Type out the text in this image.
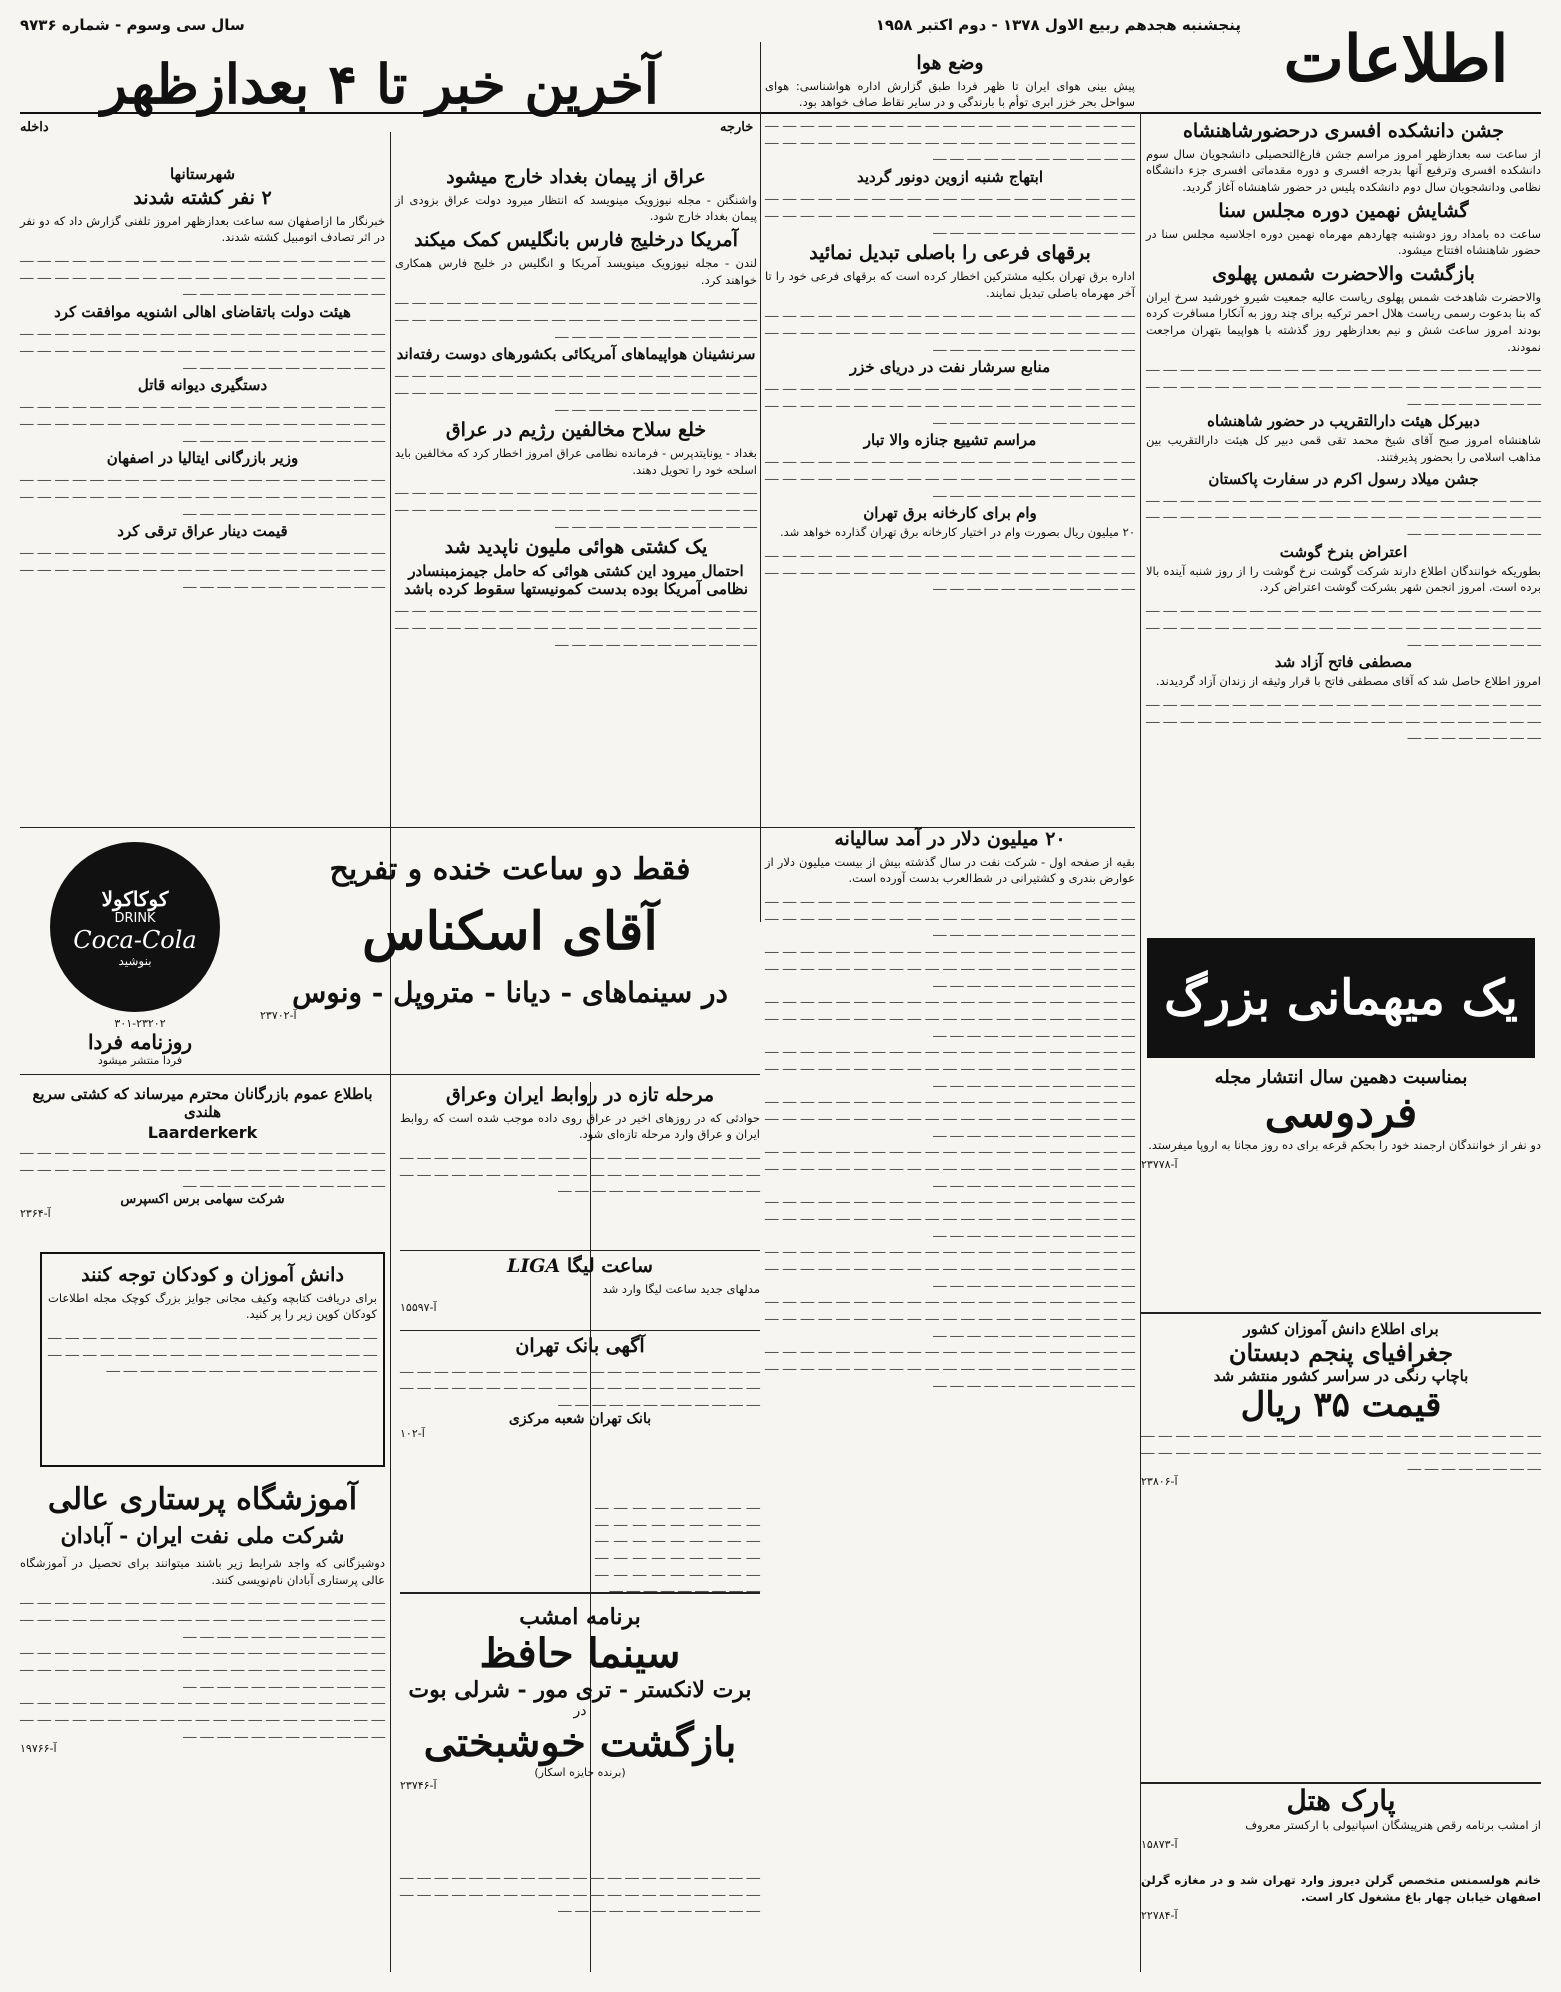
اطلاعات
پنجشنبه هجدهم ربیع الاول ۱۳۷۸ - دوم اکتبر ۱۹۵۸
سال سی وسوم - شماره ۹۷۳۶
آخرین خبر تا ۴ بعدازظهر
داخله	خارجه	جشن دانشکده افسری درحضورشاهنشاه

از ساعت سه بعدازظهر امروز مراسم جشن فارغ‌التحصیلی دانشجویان سال سوم دانشکده افسری وترفیع آنها بدرجه افسری و دوره مقدماتی افسری جزء دانشگاه نظامی ودانشجویان سال دوم دانشکده پلیس در حضور شاهنشاه آغاز گردید.

گشایش نهمین دوره مجلس سنا

ساعت ده بامداد روز دوشنبه چهاردهم مهرماه نهمین دوره اجلاسیه مجلس سنا در حضور شاهنشاه افتتاح میشود.

بازگشت والاحضرت شمس پهلوی

والاحضرت شاهدخت شمس پهلوی ریاست عالیه جمعیت شیرو خورشید سرخ ایران که بنا بدعوت رسمی ریاست هلال احمر ترکیه برای چند روز به آنکارا مسافرت کرده بودند امروز ساعت شش و نیم بعدازظهر روز گذشته با هواپیما بتهران مراجعت نمودند.

ــــ ــــ ــــ ــــ ــــ ــــ ــــ ــــ ــــ ــــ ــــ ــــ ــــ ــــ ــــ ــــ ــــ ــــ ــــ ــــ ــــ ــــ ــــ ــــ ــــ ــــ ــــ ــــ ــــ ــــ ــــ ــــ ــــ ــــ ــــ ــــ ــــ ــــ ــــ ــــ ــــ ــــ ــــ ــــ ــــ ــــ ــــ ــــ ــــ ــــ ــــ ــــ ــــ ــــ
دبیرکل هیئت دارالتقریب در حضور شاهنشاه

شاهنشاه امروز صبح آقای شیخ محمد تقی قمی دبیر کل هیئت دارالتقریب بین مذاهب اسلامی را بحضور پذیرفتند.

جشن میلاد رسول اکرم در سفارت پاکستان
ــــ ــــ ــــ ــــ ــــ ــــ ــــ ــــ ــــ ــــ ــــ ــــ ــــ ــــ ــــ ــــ ــــ ــــ ــــ ــــ ــــ ــــ ــــ ــــ ــــ ــــ ــــ ــــ ــــ ــــ ــــ ــــ ــــ ــــ ــــ ــــ ــــ ــــ ــــ ــــ ــــ ــــ ــــ ــــ ــــ ــــ ــــ ــــ ــــ ــــ ــــ ــــ ــــ ــــ
اعتراض بنرخ گوشت

بطوریکه خوانندگان اطلاع دارند شرکت گوشت نرخ گوشت را از روز شنبه آینده بالا برده است. امروز انجمن شهر بشرکت گوشت اعتراض کرد.

ــــ ــــ ــــ ــــ ــــ ــــ ــــ ــــ ــــ ــــ ــــ ــــ ــــ ــــ ــــ ــــ ــــ ــــ ــــ ــــ ــــ ــــ ــــ ــــ ــــ ــــ ــــ ــــ ــــ ــــ ــــ ــــ ــــ ــــ ــــ ــــ ــــ ــــ ــــ ــــ ــــ ــــ ــــ ــــ ــــ ــــ ــــ ــــ ــــ ــــ ــــ ــــ ــــ ــــ
مصطفی فاتح آزاد شد

امروز اطلاع حاصل شد که آقای مصطفی فاتح با قرار وثیقه از زندان آزاد گردیدند.

ــــ ــــ ــــ ــــ ــــ ــــ ــــ ــــ ــــ ــــ ــــ ــــ ــــ ــــ ــــ ــــ ــــ ــــ ــــ ــــ ــــ ــــ ــــ ــــ ــــ ــــ ــــ ــــ ــــ ــــ ــــ ــــ ــــ ــــ ــــ ــــ ــــ ــــ ــــ ــــ ــــ ــــ ــــ ــــ ــــ ــــ ــــ ــــ ــــ ــــ ــــ ــــ ــــ ــــ
وضع هوا

پیش بینی هوای ایران تا ظهر فردا طبق گزارش اداره هواشناسی: هوای سواحل بحر خزر ابری توأم با بارندگی و در سایر نقاط صاف خواهد بود.

ــــ ــــ ــــ ــــ ــــ ــــ ــــ ــــ ــــ ــــ ــــ ــــ ــــ ــــ ــــ ــــ ــــ ــــ ــــ ــــ ــــ ــــ ــــ ــــ ــــ ــــ ــــ ــــ ــــ ــــ ــــ ــــ ــــ ــــ ــــ ــــ ــــ ــــ ــــ ــــ ــــ ــــ ــــ ــــ ــــ ــــ ــــ ــــ ــــ ــــ ــــ ــــ ــــ ــــ
ابتهاج شنبه ازوین دونور گردید
ــــ ــــ ــــ ــــ ــــ ــــ ــــ ــــ ــــ ــــ ــــ ــــ ــــ ــــ ــــ ــــ ــــ ــــ ــــ ــــ ــــ ــــ ــــ ــــ ــــ ــــ ــــ ــــ ــــ ــــ ــــ ــــ ــــ ــــ ــــ ــــ ــــ ــــ ــــ ــــ ــــ ــــ ــــ ــــ ــــ ــــ ــــ ــــ ــــ ــــ ــــ ــــ ــــ ــــ
برقهای فرعی را باصلی تبدیل نمائید

اداره برق تهران بکلیه مشترکین اخطار کرده است که برقهای فرعی خود را تا آخر مهرماه باصلی تبدیل نمایند.

ــــ ــــ ــــ ــــ ــــ ــــ ــــ ــــ ــــ ــــ ــــ ــــ ــــ ــــ ــــ ــــ ــــ ــــ ــــ ــــ ــــ ــــ ــــ ــــ ــــ ــــ ــــ ــــ ــــ ــــ ــــ ــــ ــــ ــــ ــــ ــــ ــــ ــــ ــــ ــــ ــــ ــــ ــــ ــــ ــــ ــــ ــــ ــــ ــــ ــــ ــــ ــــ ــــ ــــ
منابع سرشار نفت در دریای خزر
ــــ ــــ ــــ ــــ ــــ ــــ ــــ ــــ ــــ ــــ ــــ ــــ ــــ ــــ ــــ ــــ ــــ ــــ ــــ ــــ ــــ ــــ ــــ ــــ ــــ ــــ ــــ ــــ ــــ ــــ ــــ ــــ ــــ ــــ ــــ ــــ ــــ ــــ ــــ ــــ ــــ ــــ ــــ ــــ ــــ ــــ ــــ ــــ ــــ ــــ ــــ ــــ ــــ ــــ
مراسم تشییع جنازه والا تبار
ــــ ــــ ــــ ــــ ــــ ــــ ــــ ــــ ــــ ــــ ــــ ــــ ــــ ــــ ــــ ــــ ــــ ــــ ــــ ــــ ــــ ــــ ــــ ــــ ــــ ــــ ــــ ــــ ــــ ــــ ــــ ــــ ــــ ــــ ــــ ــــ ــــ ــــ ــــ ــــ ــــ ــــ ــــ ــــ ــــ ــــ ــــ ــــ ــــ ــــ ــــ ــــ ــــ ــــ
وام برای کارخانه برق تهران

۲۰ میلیون ریال بصورت وام در اختیار کارخانه برق تهران گذارده خواهد شد.

ــــ ــــ ــــ ــــ ــــ ــــ ــــ ــــ ــــ ــــ ــــ ــــ ــــ ــــ ــــ ــــ ــــ ــــ ــــ ــــ ــــ ــــ ــــ ــــ ــــ ــــ ــــ ــــ ــــ ــــ ــــ ــــ ــــ ــــ ــــ ــــ ــــ ــــ ــــ ــــ ــــ ــــ ــــ ــــ ــــ ــــ ــــ ــــ ــــ ــــ ــــ ــــ ــــ ــــ
عراق از پیمان بغداد خارج میشود

واشنگتن - مجله نیوزویک مینویسد که انتظار میرود دولت عراق بزودی از پیمان بغداد خارج شود.

آمریکا درخلیج فارس بانگلیس کمک میکند

لندن - مجله نیوزویک مینویسد آمریکا و انگلیس در خلیج فارس همکاری خواهند کرد.

ــــ ــــ ــــ ــــ ــــ ــــ ــــ ــــ ــــ ــــ ــــ ــــ ــــ ــــ ــــ ــــ ــــ ــــ ــــ ــــ ــــ ــــ ــــ ــــ ــــ ــــ ــــ ــــ ــــ ــــ ــــ ــــ ــــ ــــ ــــ ــــ ــــ ــــ ــــ ــــ ــــ ــــ ــــ ــــ ــــ ــــ ــــ ــــ ــــ ــــ ــــ ــــ ــــ ــــ
سرنشینان هواپیماهای آمریکائی بکشورهای دوست رفته‌اند
ــــ ــــ ــــ ــــ ــــ ــــ ــــ ــــ ــــ ــــ ــــ ــــ ــــ ــــ ــــ ــــ ــــ ــــ ــــ ــــ ــــ ــــ ــــ ــــ ــــ ــــ ــــ ــــ ــــ ــــ ــــ ــــ ــــ ــــ ــــ ــــ ــــ ــــ ــــ ــــ ــــ ــــ ــــ ــــ ــــ ــــ ــــ ــــ ــــ ــــ ــــ ــــ ــــ ــــ
خلع سلاح مخالفین رژیم در عراق

بغداد - یونایتدپرس - فرمانده نظامی عراق امروز اخطار کرد که مخالفین باید اسلحه خود را تحویل دهند.

ــــ ــــ ــــ ــــ ــــ ــــ ــــ ــــ ــــ ــــ ــــ ــــ ــــ ــــ ــــ ــــ ــــ ــــ ــــ ــــ ــــ ــــ ــــ ــــ ــــ ــــ ــــ ــــ ــــ ــــ ــــ ــــ ــــ ــــ ــــ ــــ ــــ ــــ ــــ ــــ ــــ ــــ ــــ ــــ ــــ ــــ ــــ ــــ ــــ ــــ ــــ ــــ ــــ ــــ
یک کشتی هوائی ملیون ناپدید شد
احتمال میرود این کشتی هوائی که حامل جیمزمبنسادر نظامی آمریکا بوده بدست کمونیستها سقوط کرده باشد
ــــ ــــ ــــ ــــ ــــ ــــ ــــ ــــ ــــ ــــ ــــ ــــ ــــ ــــ ــــ ــــ ــــ ــــ ــــ ــــ ــــ ــــ ــــ ــــ ــــ ــــ ــــ ــــ ــــ ــــ ــــ ــــ ــــ ــــ ــــ ــــ ــــ ــــ ــــ ــــ ــــ ــــ ــــ ــــ ــــ ــــ ــــ ــــ ــــ ــــ ــــ ــــ ــــ ــــ
شهرستانها
۲ نفر کشته شدند

خبرنگار ما ازاصفهان سه ساعت بعدازظهر امروز تلفنی گزارش داد که دو نفر در اثر تصادف اتومبیل کشته شدند.

ــــ ــــ ــــ ــــ ــــ ــــ ــــ ــــ ــــ ــــ ــــ ــــ ــــ ــــ ــــ ــــ ــــ ــــ ــــ ــــ ــــ ــــ ــــ ــــ ــــ ــــ ــــ ــــ ــــ ــــ ــــ ــــ ــــ ــــ ــــ ــــ ــــ ــــ ــــ ــــ ــــ ــــ ــــ ــــ ــــ ــــ ــــ ــــ ــــ ــــ ــــ ــــ ــــ ــــ
هیئت دولت باتقاضای اهالی اشنویه موافقت کرد
ــــ ــــ ــــ ــــ ــــ ــــ ــــ ــــ ــــ ــــ ــــ ــــ ــــ ــــ ــــ ــــ ــــ ــــ ــــ ــــ ــــ ــــ ــــ ــــ ــــ ــــ ــــ ــــ ــــ ــــ ــــ ــــ ــــ ــــ ــــ ــــ ــــ ــــ ــــ ــــ ــــ ــــ ــــ ــــ ــــ ــــ ــــ ــــ ــــ ــــ ــــ ــــ ــــ ــــ
دستگیری دیوانه قاتل
ــــ ــــ ــــ ــــ ــــ ــــ ــــ ــــ ــــ ــــ ــــ ــــ ــــ ــــ ــــ ــــ ــــ ــــ ــــ ــــ ــــ ــــ ــــ ــــ ــــ ــــ ــــ ــــ ــــ ــــ ــــ ــــ ــــ ــــ ــــ ــــ ــــ ــــ ــــ ــــ ــــ ــــ ــــ ــــ ــــ ــــ ــــ ــــ ــــ ــــ ــــ ــــ ــــ ــــ
وزیر بازرگانی ایتالیا در اصفهان
ــــ ــــ ــــ ــــ ــــ ــــ ــــ ــــ ــــ ــــ ــــ ــــ ــــ ــــ ــــ ــــ ــــ ــــ ــــ ــــ ــــ ــــ ــــ ــــ ــــ ــــ ــــ ــــ ــــ ــــ ــــ ــــ ــــ ــــ ــــ ــــ ــــ ــــ ــــ ــــ ــــ ــــ ــــ ــــ ــــ ــــ ــــ ــــ ــــ ــــ ــــ ــــ ــــ ــــ
قیمت دینار عراق ترقی کرد
ــــ ــــ ــــ ــــ ــــ ــــ ــــ ــــ ــــ ــــ ــــ ــــ ــــ ــــ ــــ ــــ ــــ ــــ ــــ ــــ ــــ ــــ ــــ ــــ ــــ ــــ ــــ ــــ ــــ ــــ ــــ ــــ ــــ ــــ ــــ ــــ ــــ ــــ ــــ ــــ ــــ ــــ ــــ ــــ ــــ ــــ ــــ ــــ ــــ ــــ ــــ ــــ ــــ ــــ
کوکاکولا
DRINK
Coca-Cola
بنوشید
۳۰۱-۲۳۲۰۲
روزنامه فردا
فردا منتشر میشود
فقط دو ساعت خنده و تفریح
آقای اسکناس
در سینماهای - دیانا - متروپل - ونوس
آ-۲۳۷۰۲
۲۰ میلیون دلار در آمد سالیانه

بقیه از صفحه اول - شرکت نفت در سال گذشته بیش از بیست میلیون دلار از عوارض بندری و کشتیرانی در شط‌العرب بدست آورده است.

ــــ ــــ ــــ ــــ ــــ ــــ ــــ ــــ ــــ ــــ ــــ ــــ ــــ ــــ ــــ ــــ ــــ ــــ ــــ ــــ ــــ ــــ ــــ ــــ ــــ ــــ ــــ ــــ ــــ ــــ ــــ ــــ ــــ ــــ ــــ ــــ ــــ ــــ ــــ ــــ ــــ ــــ ــــ ــــ ــــ ــــ ــــ ــــ ــــ ــــ ــــ ــــ ــــ ــــ
ــــ ــــ ــــ ــــ ــــ ــــ ــــ ــــ ــــ ــــ ــــ ــــ ــــ ــــ ــــ ــــ ــــ ــــ ــــ ــــ ــــ ــــ ــــ ــــ ــــ ــــ ــــ ــــ ــــ ــــ ــــ ــــ ــــ ــــ ــــ ــــ ــــ ــــ ــــ ــــ ــــ ــــ ــــ ــــ ــــ ــــ ــــ ــــ ــــ ــــ ــــ ــــ ــــ ــــ
ــــ ــــ ــــ ــــ ــــ ــــ ــــ ــــ ــــ ــــ ــــ ــــ ــــ ــــ ــــ ــــ ــــ ــــ ــــ ــــ ــــ ــــ ــــ ــــ ــــ ــــ ــــ ــــ ــــ ــــ ــــ ــــ ــــ ــــ ــــ ــــ ــــ ــــ ــــ ــــ ــــ ــــ ــــ ــــ ــــ ــــ ــــ ــــ ــــ ــــ ــــ ــــ ــــ ــــ
ــــ ــــ ــــ ــــ ــــ ــــ ــــ ــــ ــــ ــــ ــــ ــــ ــــ ــــ ــــ ــــ ــــ ــــ ــــ ــــ ــــ ــــ ــــ ــــ ــــ ــــ ــــ ــــ ــــ ــــ ــــ ــــ ــــ ــــ ــــ ــــ ــــ ــــ ــــ ــــ ــــ ــــ ــــ ــــ ــــ ــــ ــــ ــــ ــــ ــــ ــــ ــــ ــــ ــــ
ــــ ــــ ــــ ــــ ــــ ــــ ــــ ــــ ــــ ــــ ــــ ــــ ــــ ــــ ــــ ــــ ــــ ــــ ــــ ــــ ــــ ــــ ــــ ــــ ــــ ــــ ــــ ــــ ــــ ــــ ــــ ــــ ــــ ــــ ــــ ــــ ــــ ــــ ــــ ــــ ــــ ــــ ــــ ــــ ــــ ــــ ــــ ــــ ــــ ــــ ــــ ــــ ــــ ــــ
ــــ ــــ ــــ ــــ ــــ ــــ ــــ ــــ ــــ ــــ ــــ ــــ ــــ ــــ ــــ ــــ ــــ ــــ ــــ ــــ ــــ ــــ ــــ ــــ ــــ ــــ ــــ ــــ ــــ ــــ ــــ ــــ ــــ ــــ ــــ ــــ ــــ ــــ ــــ ــــ ــــ ــــ ــــ ــــ ــــ ــــ ــــ ــــ ــــ ــــ ــــ ــــ ــــ ــــ
ــــ ــــ ــــ ــــ ــــ ــــ ــــ ــــ ــــ ــــ ــــ ــــ ــــ ــــ ــــ ــــ ــــ ــــ ــــ ــــ ــــ ــــ ــــ ــــ ــــ ــــ ــــ ــــ ــــ ــــ ــــ ــــ ــــ ــــ ــــ ــــ ــــ ــــ ــــ ــــ ــــ ــــ ــــ ــــ ــــ ــــ ــــ ــــ ــــ ــــ ــــ ــــ ــــ ــــ
ــــ ــــ ــــ ــــ ــــ ــــ ــــ ــــ ــــ ــــ ــــ ــــ ــــ ــــ ــــ ــــ ــــ ــــ ــــ ــــ ــــ ــــ ــــ ــــ ــــ ــــ ــــ ــــ ــــ ــــ ــــ ــــ ــــ ــــ ــــ ــــ ــــ ــــ ــــ ــــ ــــ ــــ ــــ ــــ ــــ ــــ ــــ ــــ ــــ ــــ ــــ ــــ ــــ ــــ
ــــ ــــ ــــ ــــ ــــ ــــ ــــ ــــ ــــ ــــ ــــ ــــ ــــ ــــ ــــ ــــ ــــ ــــ ــــ ــــ ــــ ــــ ــــ ــــ ــــ ــــ ــــ ــــ ــــ ــــ ــــ ــــ ــــ ــــ ــــ ــــ ــــ ــــ ــــ ــــ ــــ ــــ ــــ ــــ ــــ ــــ ــــ ــــ ــــ ــــ ــــ ــــ ــــ ــــ
ــــ ــــ ــــ ــــ ــــ ــــ ــــ ــــ ــــ ــــ ــــ ــــ ــــ ــــ ــــ ــــ ــــ ــــ ــــ ــــ ــــ ــــ ــــ ــــ ــــ ــــ ــــ ــــ ــــ ــــ ــــ ــــ ــــ ــــ ــــ ــــ ــــ ــــ ــــ ــــ ــــ ــــ ــــ ــــ ــــ ــــ ــــ ــــ ــــ ــــ ــــ ــــ ــــ ــــ
مرحله تازه در روابط ایران وعراق

حوادثی که در روزهای اخیر در عراق روی داده موجب شده است که روابط ایران و عراق وارد مرحله تازه‌ای شود.

ــــ ــــ ــــ ــــ ــــ ــــ ــــ ــــ ــــ ــــ ــــ ــــ ــــ ــــ ــــ ــــ ــــ ــــ ــــ ــــ ــــ ــــ ــــ ــــ ــــ ــــ ــــ ــــ ــــ ــــ ــــ ــــ ــــ ــــ ــــ ــــ ــــ ــــ ــــ ــــ ــــ ــــ ــــ ــــ ــــ ــــ ــــ ــــ ــــ ــــ ــــ ــــ ــــ ــــ
ساعت لیگا LIGA

مدلهای جدید ساعت لیگا وارد شد

آ-۱۵۵۹۷
آگهی بانک تهران
ــــ ــــ ــــ ــــ ــــ ــــ ــــ ــــ ــــ ــــ ــــ ــــ ــــ ــــ ــــ ــــ ــــ ــــ ــــ ــــ ــــ ــــ ــــ ــــ ــــ ــــ ــــ ــــ ــــ ــــ ــــ ــــ ــــ ــــ ــــ ــــ ــــ ــــ ــــ ــــ ــــ ــــ ــــ ــــ ــــ ــــ ــــ ــــ ــــ ــــ ــــ ــــ ــــ ــــ
بانک تهران شعبه مرکزی
آ-۱۰۲
برنامه امشب
سینما حافظ
برت لانکستر - تری مور - شرلی بوت
در
بازگشت خوشبختی
(برنده جایزه اسکار)
آ-۲۳۷۴۶
باطلاع عموم بازرگانان محترم میرساند که کشتی سریع هلندی
Laarderkerk
ــــ ــــ ــــ ــــ ــــ ــــ ــــ ــــ ــــ ــــ ــــ ــــ ــــ ــــ ــــ ــــ ــــ ــــ ــــ ــــ ــــ ــــ ــــ ــــ ــــ ــــ ــــ ــــ ــــ ــــ ــــ ــــ ــــ ــــ ــــ ــــ ــــ ــــ ــــ ــــ ــــ ــــ ــــ ــــ ــــ ــــ ــــ ــــ ــــ ــــ ــــ ــــ ــــ ــــ
شرکت سهامی برس اکسپرس
آ-۲۳۶۴
دانش آموزان و کودکان توجه کنند

برای دریافت کتابچه وکیف مجانی جوایز بزرگ کوچک مجله اطلاعات کودکان کوپن زیر را پر کنید.

ــــ ــــ ــــ ــــ ــــ ــــ ــــ ــــ ــــ ــــ ــــ ــــ ــــ ــــ ــــ ــــ ــــ ــــ ــــ ــــ ــــ ــــ ــــ ــــ ــــ ــــ ــــ ــــ ــــ ــــ ــــ ــــ ــــ ــــ ــــ ــــ ــــ ــــ ــــ ــــ ــــ ــــ ــــ ــــ ــــ ــــ ــــ ــــ ــــ ــــ ــــ ــــ ــــ ــــ
آموزشگاه پرستاری عالی
شرکت ملی نفت ایران - آبادان

دوشیزگانی که واجد شرایط زیر باشند میتوانند برای تحصیل در آموزشگاه عالی پرستاری آبادان نام‌نویسی کنند.

ــــ ــــ ــــ ــــ ــــ ــــ ــــ ــــ ــــ ــــ ــــ ــــ ــــ ــــ ــــ ــــ ــــ ــــ ــــ ــــ ــــ ــــ ــــ ــــ ــــ ــــ ــــ ــــ ــــ ــــ ــــ ــــ ــــ ــــ ــــ ــــ ــــ ــــ ــــ ــــ ــــ ــــ ــــ ــــ ــــ ــــ ــــ ــــ ــــ ــــ ــــ ــــ ــــ ــــ
ــــ ــــ ــــ ــــ ــــ ــــ ــــ ــــ ــــ ــــ ــــ ــــ ــــ ــــ ــــ ــــ ــــ ــــ ــــ ــــ ــــ ــــ ــــ ــــ ــــ ــــ ــــ ــــ ــــ ــــ ــــ ــــ ــــ ــــ ــــ ــــ ــــ ــــ ــــ ــــ ــــ ــــ ــــ ــــ ــــ ــــ ــــ ــــ ــــ ــــ ــــ ــــ ــــ ــــ
ــــ ــــ ــــ ــــ ــــ ــــ ــــ ــــ ــــ ــــ ــــ ــــ ــــ ــــ ــــ ــــ ــــ ــــ ــــ ــــ ــــ ــــ ــــ ــــ ــــ ــــ ــــ ــــ ــــ ــــ ــــ ــــ ــــ ــــ ــــ ــــ ــــ ــــ ــــ ــــ ــــ ــــ ــــ ــــ ــــ ــــ ــــ ــــ ــــ ــــ ــــ ــــ ــــ ــــ
آ-۱۹۷۶۶
ــــ ــــ ــــ ــــ ــــ ــــ ــــ ــــ ــــ ــــ ــــ ــــ ــــ ــــ ــــ ــــ ــــ ــــ ــــ ــــ ــــ ــــ ــــ ــــ ــــ ــــ ــــ ــــ ــــ ــــ ــــ ــــ ــــ ــــ ــــ ــــ ــــ ــــ ــــ ــــ ــــ ــــ ــــ ــــ ــــ ــــ ــــ ــــ ــــ ــــ ــــ ــــ ــــ ــــ
ــــ ــــ ــــ ــــ ــــ ــــ ــــ ــــ ــــ ــــ ــــ ــــ ــــ ــــ ــــ ــــ ــــ ــــ ــــ ــــ ــــ ــــ ــــ ــــ ــــ ــــ ــــ ــــ ــــ ــــ ــــ ــــ ــــ ــــ ــــ ــــ ــــ ــــ ــــ ــــ ــــ ــــ ــــ ــــ ــــ ــــ ــــ ــــ ــــ ــــ ــــ ــــ ــــ ــــ
یک میهمانی بزرگ
بمناسبت دهمین سال انتشار مجله
فردوسی

دو نفر از خوانندگان ارجمند خود را بحکم قرعه برای ده روز مجانا به اروپا میفرستد.

آ-۲۳۷۷۸
برای اطلاع دانش آموزان کشور
جغرافیای پنجم دبستان
باچاپ رنگی در سراسر کشور منتشر شد
قیمت ۳۵ ریال
ــــ ــــ ــــ ــــ ــــ ــــ ــــ ــــ ــــ ــــ ــــ ــــ ــــ ــــ ــــ ــــ ــــ ــــ ــــ ــــ ــــ ــــ ــــ ــــ ــــ ــــ ــــ ــــ ــــ ــــ ــــ ــــ ــــ ــــ ــــ ــــ ــــ ــــ ــــ ــــ ــــ ــــ ــــ ــــ ــــ ــــ ــــ ــــ ــــ ــــ ــــ ــــ ــــ ــــ
آ-۲۳۸۰۶
پارک هتل

از امشب برنامه رقص هنرپیشگان اسپانیولی با ارکستر معروف

آ-۱۵۸۷۳

خانم هولسمنس متخصص گرلن دیروز وارد تهران شد و در مغازه گرلن اصفهان خیابان چهار باغ مشغول کار است.

آ-۲۲۷۸۴
